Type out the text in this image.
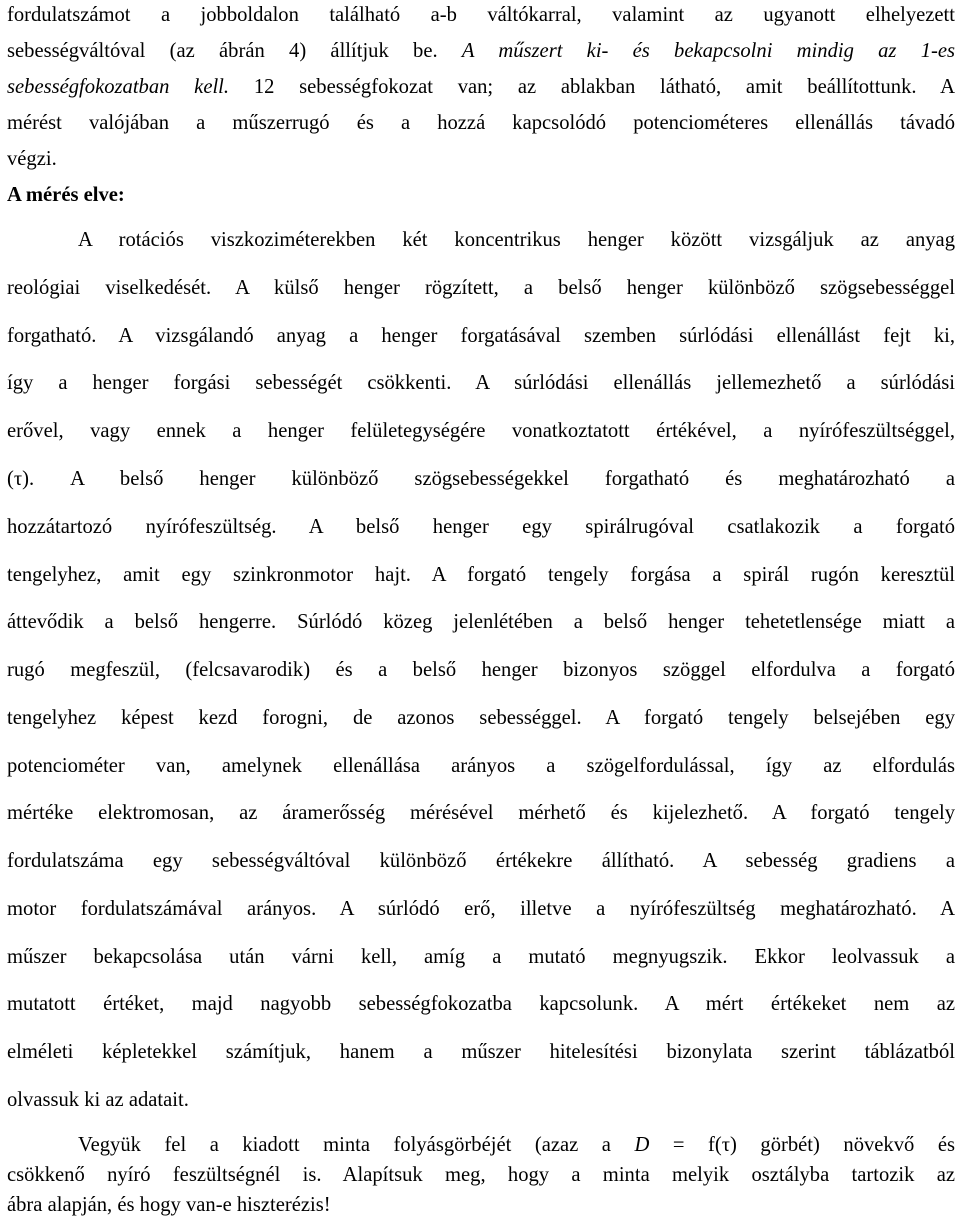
fordulatszámot a jobboldalon található a-b váltókarral, valamint az ugyanott elhelyezett
sebességváltóval (az ábrán 4) állítjuk be. A műszert ki- és bekapcsolni mindig az 1-es
sebességfokozatban kell. 12 sebességfokozat van; az ablakban látható, amit beállítottunk. A
mérést valójában a műszerrugó és a hozzá kapcsolódó potenciométeres ellenállás távadó
végzi.
A mérés elve:
A rotációs viszkoziméterekben két koncentrikus henger között vizsgáljuk az anyag
reológiai viselkedését. A külső henger rögzített, a belső henger különböző szögsebességgel
forgatható. A vizsgálandó anyag a henger forgatásával szemben súrlódási ellenállást fejt ki,
így a henger forgási sebességét csökkenti. A súrlódási ellenállás jellemezhető a súrlódási
erővel, vagy ennek a henger felületegységére vonatkoztatott értékével, a nyírófeszültséggel,
(τ). A belső henger különböző szögsebességekkel forgatható és meghatározható a
hozzátartozó nyírófeszültség. A belső henger egy spirálrugóval csatlakozik a forgató
tengelyhez, amit egy szinkronmotor hajt. A forgató tengely forgása a spirál rugón keresztül
áttevődik a belső hengerre. Súrlódó közeg jelenlétében a belső henger tehetetlensége miatt a
rugó megfeszül, (felcsavarodik) és a belső henger bizonyos szöggel elfordulva a forgató
tengelyhez képest kezd forogni, de azonos sebességgel. A forgató tengely belsejében egy
potenciométer van, amelynek ellenállása arányos a szögelfordulással, így az elfordulás
mértéke elektromosan, az áramerősség mérésével mérhető és kijelezhető. A forgató tengely
fordulatszáma egy sebességváltóval különböző értékekre állítható. A sebesség gradiens a
motor fordulatszámával arányos. A súrlódó erő, illetve a nyírófeszültség meghatározható. A
műszer bekapcsolása után várni kell, amíg a mutató megnyugszik. Ekkor leolvassuk a
mutatott értéket, majd nagyobb sebességfokozatba kapcsolunk. A mért értékeket nem az
elméleti képletekkel számítjuk, hanem a műszer hitelesítési bizonylata szerint táblázatból
olvassuk ki az adatait.
Vegyük fel a kiadott minta folyásgörbéjét (azaz a D = f(τ) görbét) növekvő és
csökkenő nyíró feszültségnél is. Alapítsuk meg, hogy a minta melyik osztályba tartozik az
ábra alapján, és hogy van-e hiszterézis!
